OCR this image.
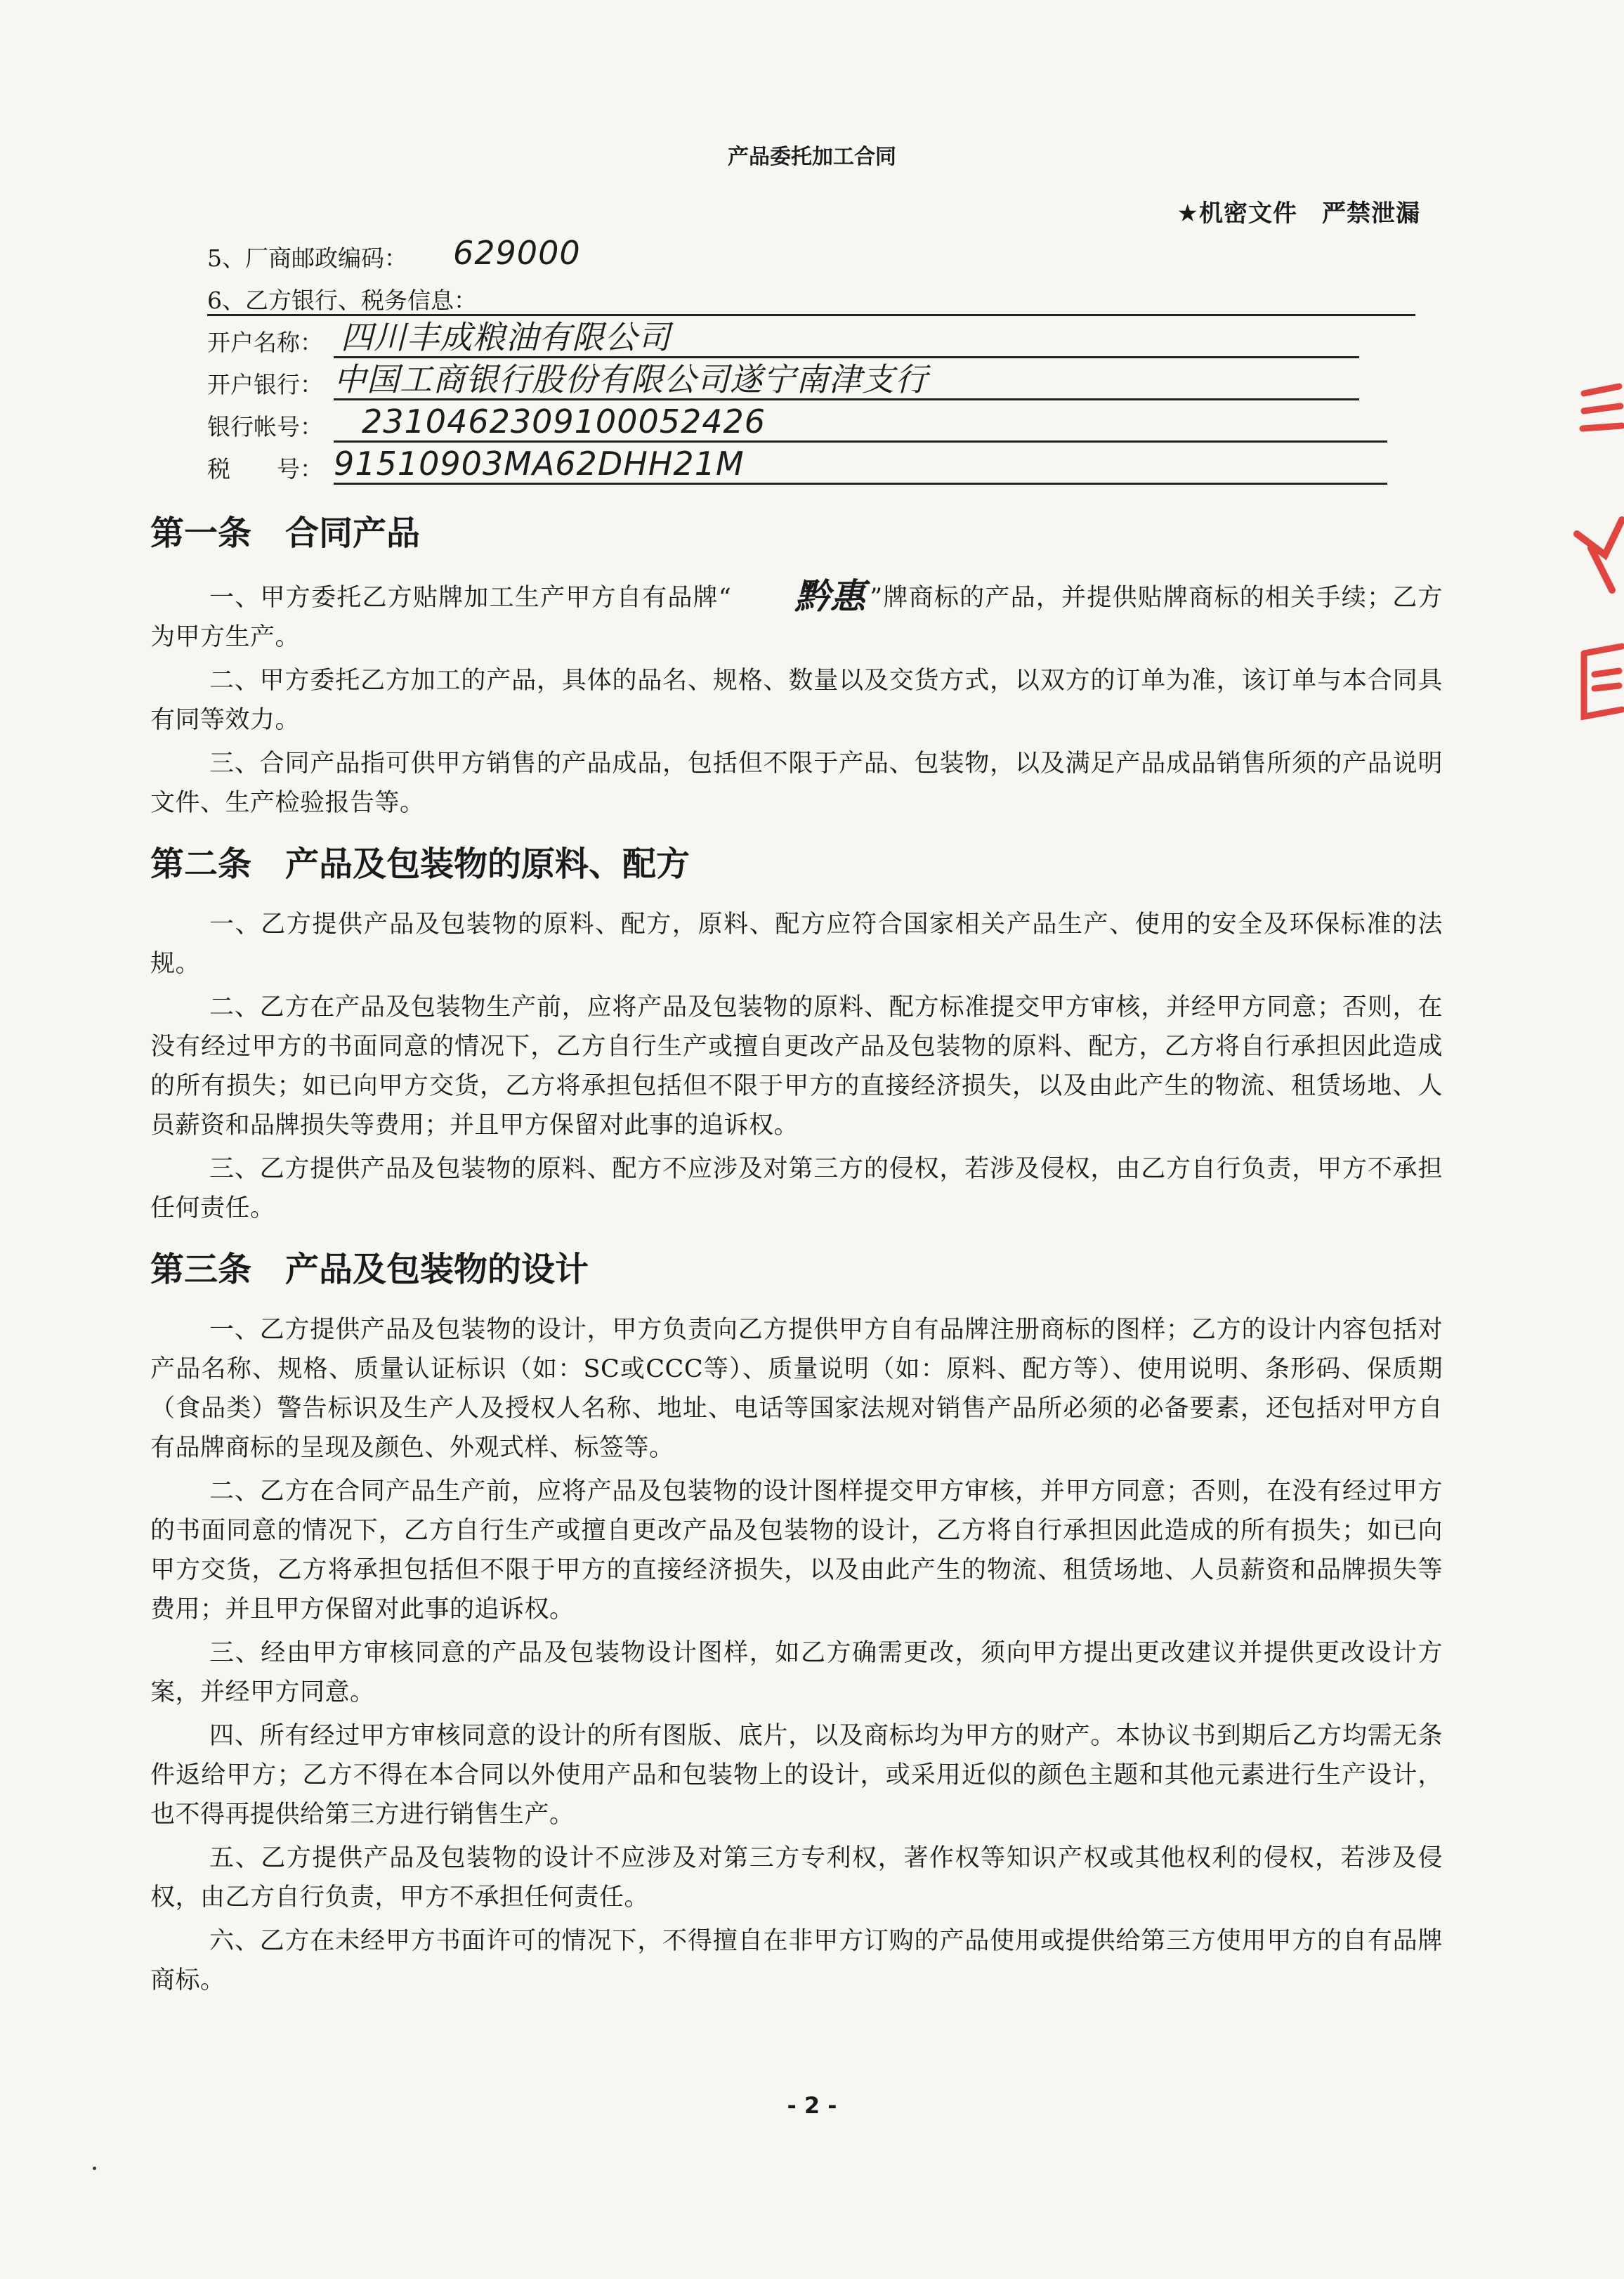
产品委托加工合同
★机密文件　严禁泄漏
5、厂商邮政编码： 629000
6、乙方银行、税务信息：
开户名称： 四川丰成粮油有限公司
开户银行： 中国工商银行股份有限公司遂宁南津支行
银行帐号： 2310462309100052426
税　　号： 91510903MA62DHH21M
第一条　合同产品

一、甲方委托乙方贴牌加工生产甲方自有品牌“ 黔惠 ”牌商标的产品，并提供贴牌商标的相关手续；乙方为甲方生产。

二、甲方委托乙方加工的产品，具体的品名、规格、数量以及交货方式，以双方的订单为准，该订单与本合同具有同等效力。

三、合同产品指可供甲方销售的产品成品，包括但不限于产品、包装物，以及满足产品成品销售所须的产品说明文件、生产检验报告等。

第二条　产品及包装物的原料、配方

一、乙方提供产品及包装物的原料、配方，原料、配方应符合国家相关产品生产、使用的安全及环保标准的法规。

二、乙方在产品及包装物生产前，应将产品及包装物的原料、配方标准提交甲方审核，并经甲方同意；否则，在没有经过甲方的书面同意的情况下，乙方自行生产或擅自更改产品及包装物的原料、配方，乙方将自行承担因此造成的所有损失；如已向甲方交货，乙方将承担包括但不限于甲方的直接经济损失，以及由此产生的物流、租赁场地、人员薪资和品牌损失等费用；并且甲方保留对此事的追诉权。

三、乙方提供产品及包装物的原料、配方不应涉及对第三方的侵权，若涉及侵权，由乙方自行负责，甲方不承担任何责任。

第三条　产品及包装物的设计

一、乙方提供产品及包装物的设计，甲方负责向乙方提供甲方自有品牌注册商标的图样；乙方的设计内容包括对产品名称、规格、质量认证标识（如：SC或CCC等）、质量说明（如：原料、配方等）、使用说明、条形码、保质期（食品类）警告标识及生产人及授权人名称、地址、电话等国家法规对销售产品所必须的必备要素，还包括对甲方自有品牌商标的呈现及颜色、外观式样、标签等。

二、乙方在合同产品生产前，应将产品及包装物的设计图样提交甲方审核，并甲方同意；否则，在没有经过甲方的书面同意的情况下，乙方自行生产或擅自更改产品及包装物的设计，乙方将自行承担因此造成的所有损失；如已向甲方交货，乙方将承担包括但不限于甲方的直接经济损失，以及由此产生的物流、租赁场地、人员薪资和品牌损失等费用；并且甲方保留对此事的追诉权。

三、经由甲方审核同意的产品及包装物设计图样，如乙方确需更改，须向甲方提出更改建议并提供更改设计方案，并经甲方同意。

四、所有经过甲方审核同意的设计的所有图版、底片，以及商标均为甲方的财产。本协议书到期后乙方均需无条件返给甲方；乙方不得在本合同以外使用产品和包装物上的设计，或采用近似的颜色主题和其他元素进行生产设计，也不得再提供给第三方进行销售生产。

五、乙方提供产品及包装物的设计不应涉及对第三方专利权，著作权等知识产权或其他权利的侵权，若涉及侵权，由乙方自行负责，甲方不承担任何责任。

六、乙方在未经甲方书面许可的情况下，不得擅自在非甲方订购的产品使用或提供给第三方使用甲方的自有品牌商标。

- 2 -
